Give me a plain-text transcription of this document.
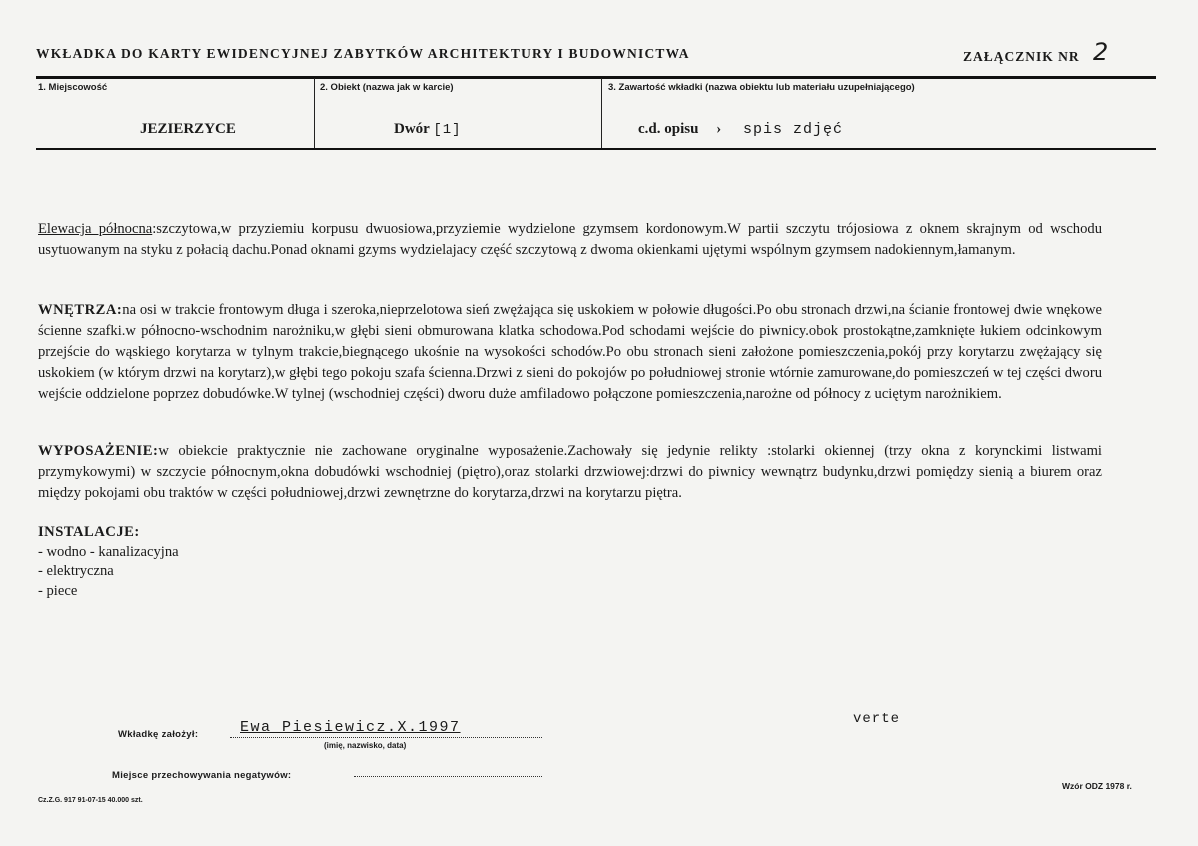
WKŁADKA DO KARTY EWIDENCYJNEJ ZABYTKÓW ARCHITEKTURY I BUDOWNICTWA	ZAŁĄCZNIK NR 2
1. Miejscowość	2. Obiekt (nazwa jak w karcie)	3. Zawartość wkładki (nazwa obiektu lub materiału uzupełniającego)
JEZIERZYCE	Dwór [1]	c.d. opisu › spis zdjęć
Elewacja północna:szczytowa,w przyziemiu korpusu dwuosiowa,przyziemie wydzielone gzymsem kordonowym.W partii szczytu trójosiowa z oknem skrajnym od wschodu usytuowanym na styku z połacią dachu.Ponad oknami gzyms wydzielajacy część szczytową z dwoma okienkami ujętymi wspólnym gzymsem nadokiennym,łamanym.
WNĘTRZA:na osi w trakcie frontowym długa i szeroka,nieprzelotowa sień zwężająca się uskokiem w połowie długości.Po obu stronach drzwi,na ścianie frontowej dwie wnękowe ścienne szafki.w północno-wschodnim narożniku,w głębi sieni obmurowana klatka schodowa.Pod schodami wejście do piwnicy.obok prostokątne,zamknięte łukiem odcinkowym przejście do wąskiego korytarza w tylnym trakcie,biegnącego ukośnie na wysokości schodów.Po obu stronach sieni założone pomieszczenia,pokój przy korytarzu zwężający się uskokiem (w którym drzwi na korytarz),w głębi tego pokoju szafa ścienna.Drzwi z sieni do pokojów po południowej stronie wtórnie zamurowane,do pomieszczeń w tej części dworu wejście oddzielone poprzez dobudówke.W tylnej (wschodniej części) dworu duże amfiladowo połączone pomieszczenia,narożne od północy z uciętym narożnikiem.
WYPOSAŻENIE:w obiekcie praktycznie nie zachowane oryginalne wyposażenie.Zachowały się jedynie relikty :stolarki okiennej (trzy okna z korynckimi listwami przymykowymi) w szczycie północnym,okna dobudówki wschodniej (piętro),oraz stolarki drzwiowej:drzwi do piwnicy wewnątrz budynku,drzwi pomiędzy sienią a biurem oraz między pokojami obu traktów w części południowej,drzwi zewnętrzne do korytarza,drzwi na korytarzu piętra.
INSTALACJE:
- wodno - kanalizacyjna
- elektryczna
- piece
verte
Wkładkę założył:	Ewa Piesiewicz.X.1997
(imię, nazwisko, data)
Miejsce przechowywania negatywów:
Cz.Z.G. 917 91-07-15 40.000 szt.
Wzór ODZ 1978 r.
